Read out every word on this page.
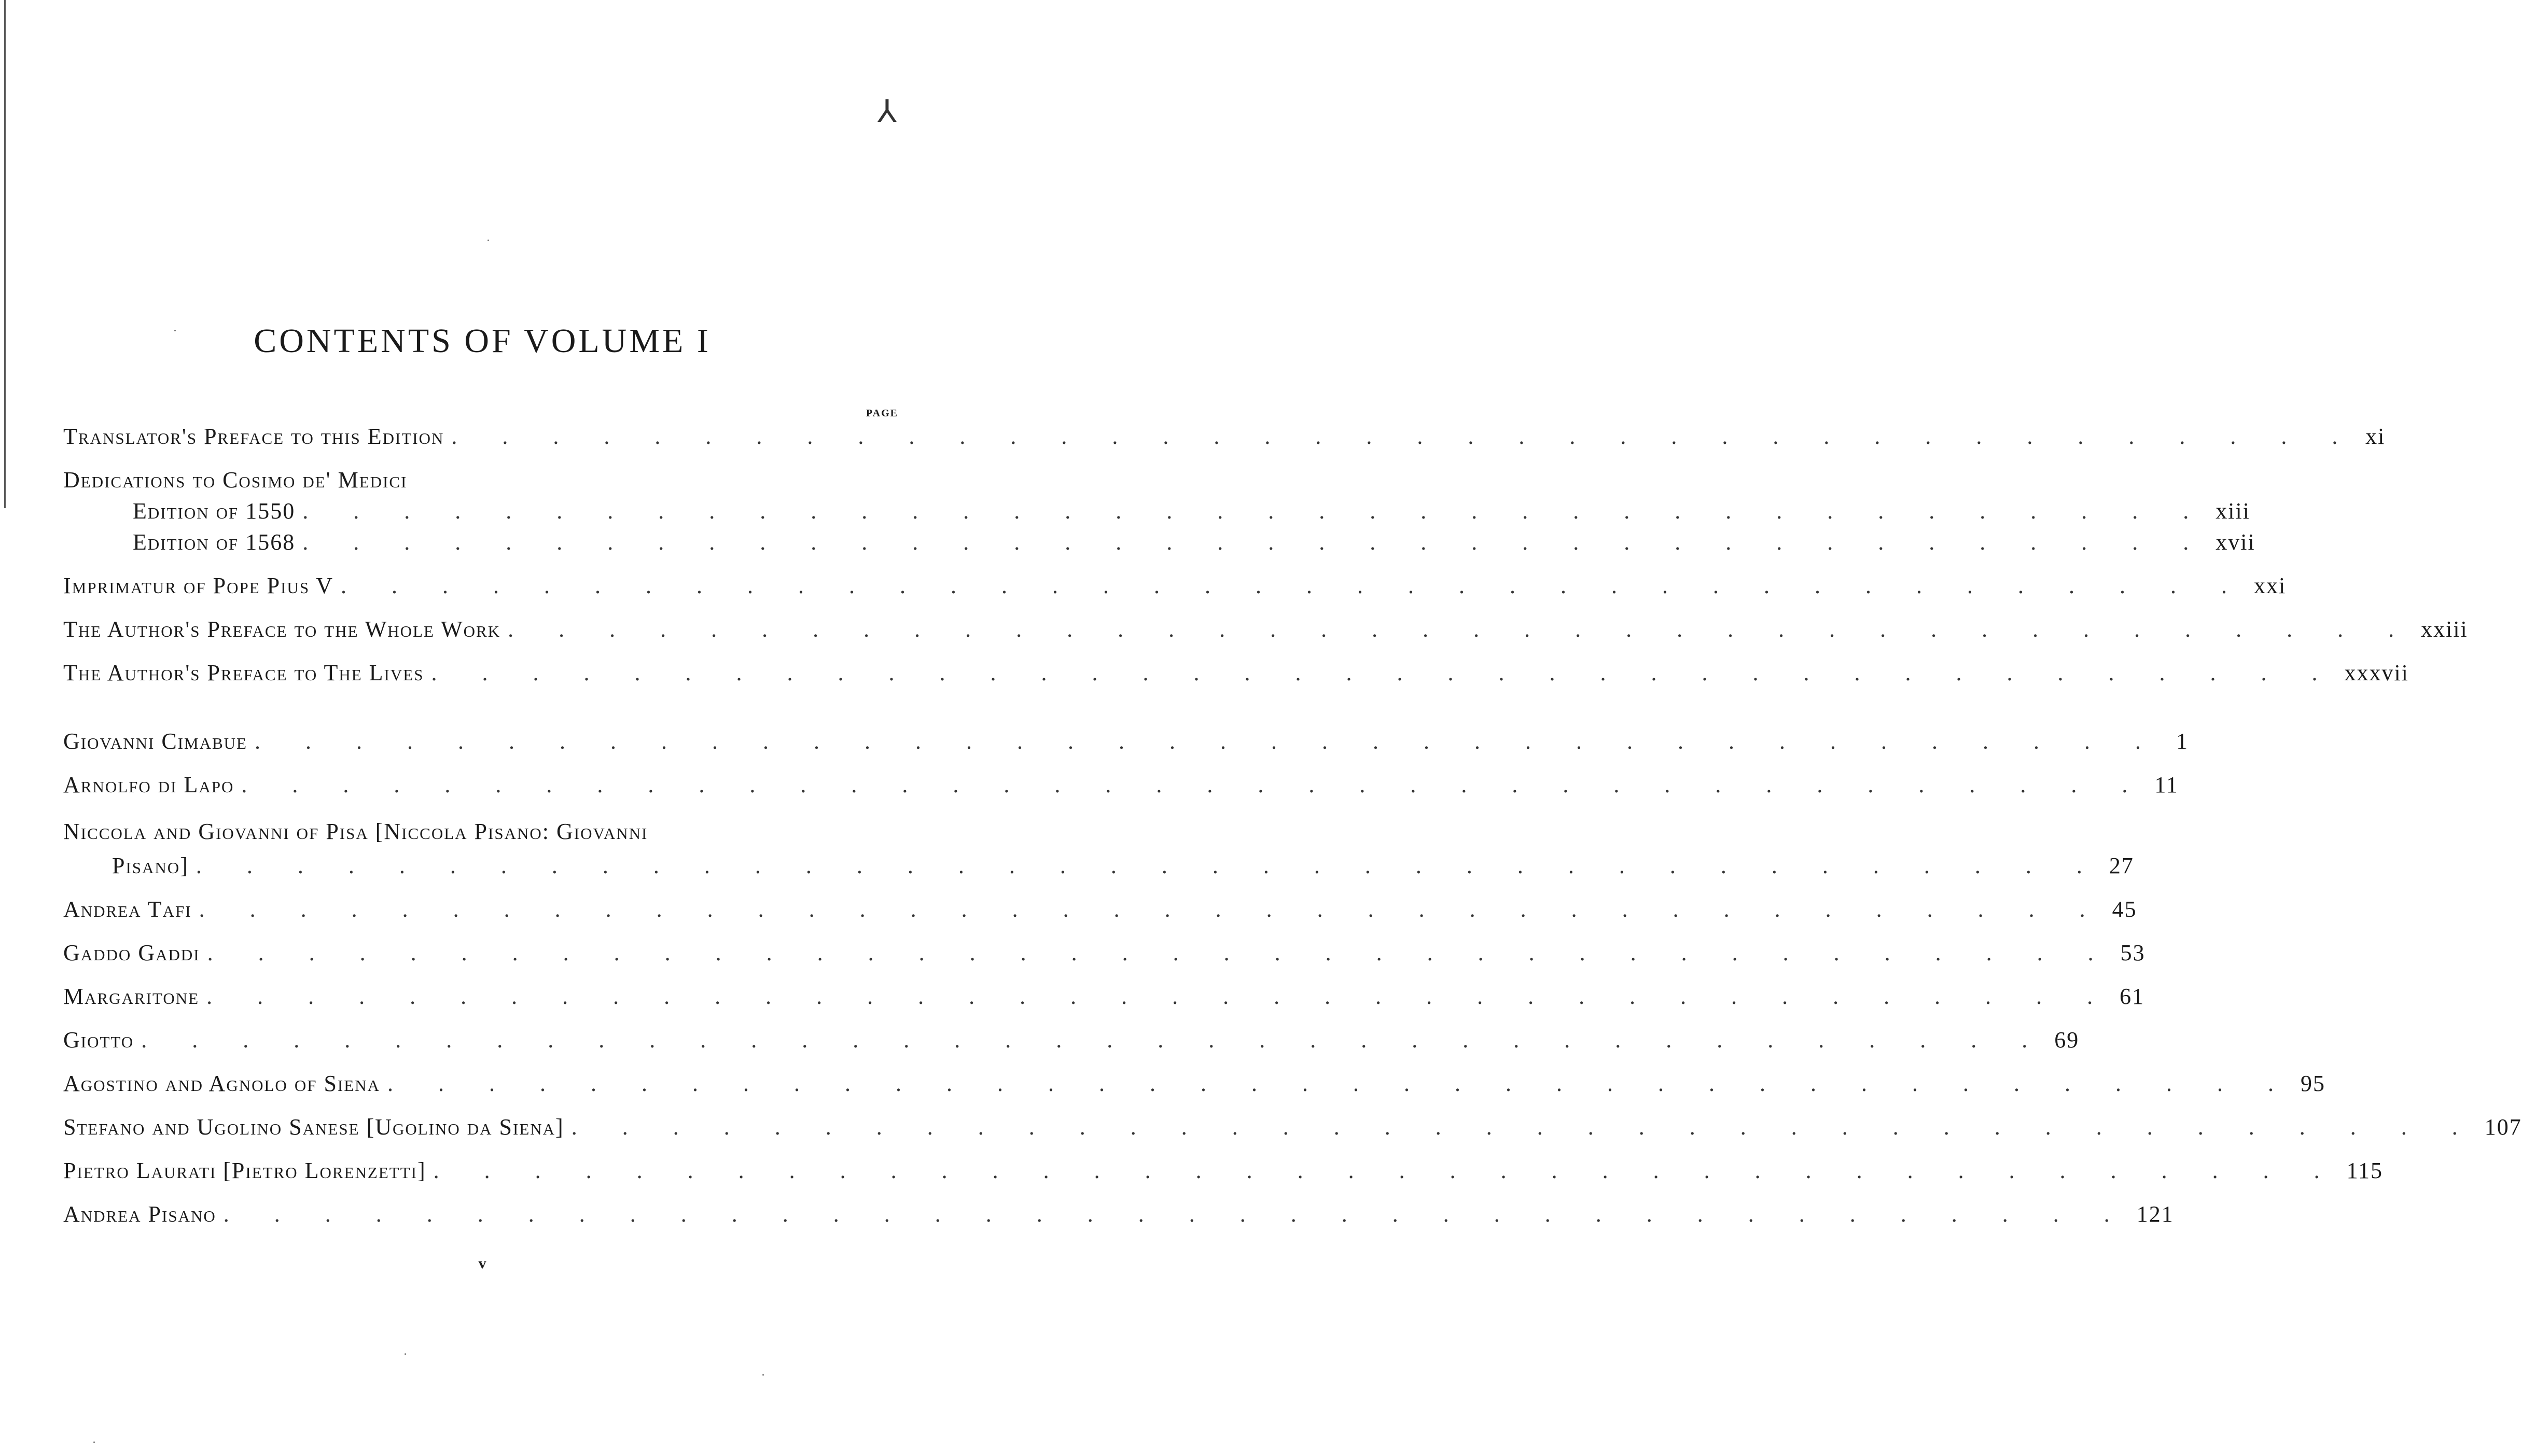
⅄
CONTENTS OF VOLUME I
PAGE
Translator's Preface to this Edition . . . . . . . . . . . . . . . . . . . . . . . . . . . . . . . . . . . . . . xi
Dedications to Cosimo de' Medici
Edition of 1550 . . . . . . . . . . . . . . . . . . . . . . . . . . . . . . . . . . . . . . xiii
Edition of 1568 . . . . . . . . . . . . . . . . . . . . . . . . . . . . . . . . . . . . . . xvii
Imprimatur of Pope Pius V . . . . . . . . . . . . . . . . . . . . . . . . . . . . . . . . . . . . . . xxi
The Author's Preface to the Whole Work . . . . . . . . . . . . . . . . . . . . . . . . . . . . . . . . . . . . . . xxiii
The Author's Preface to The Lives . . . . . . . . . . . . . . . . . . . . . . . . . . . . . . . . . . . . . . xxxvii
Giovanni Cimabue . . . . . . . . . . . . . . . . . . . . . . . . . . . . . . . . . . . . . . 1
Arnolfo di Lapo . . . . . . . . . . . . . . . . . . . . . . . . . . . . . . . . . . . . . . 11
Niccola and Giovanni of Pisa [Niccola Pisano: Giovanni
Pisano] . . . . . . . . . . . . . . . . . . . . . . . . . . . . . . . . . . . . . . 27
Andrea Tafi . . . . . . . . . . . . . . . . . . . . . . . . . . . . . . . . . . . . . . 45
Gaddo Gaddi . . . . . . . . . . . . . . . . . . . . . . . . . . . . . . . . . . . . . . 53
Margaritone . . . . . . . . . . . . . . . . . . . . . . . . . . . . . . . . . . . . . . 61
Giotto . . . . . . . . . . . . . . . . . . . . . . . . . . . . . . . . . . . . . . 69
Agostino and Agnolo of Siena . . . . . . . . . . . . . . . . . . . . . . . . . . . . . . . . . . . . . . 95
Stefano and Ugolino Sanese [Ugolino da Siena] . . . . . . . . . . . . . . . . . . . . . . . . . . . . . . . . . . . . . . 107
Pietro Laurati [Pietro Lorenzetti] . . . . . . . . . . . . . . . . . . . . . . . . . . . . . . . . . . . . . . 115
Andrea Pisano . . . . . . . . . . . . . . . . . . . . . . . . . . . . . . . . . . . . . . 121
v
